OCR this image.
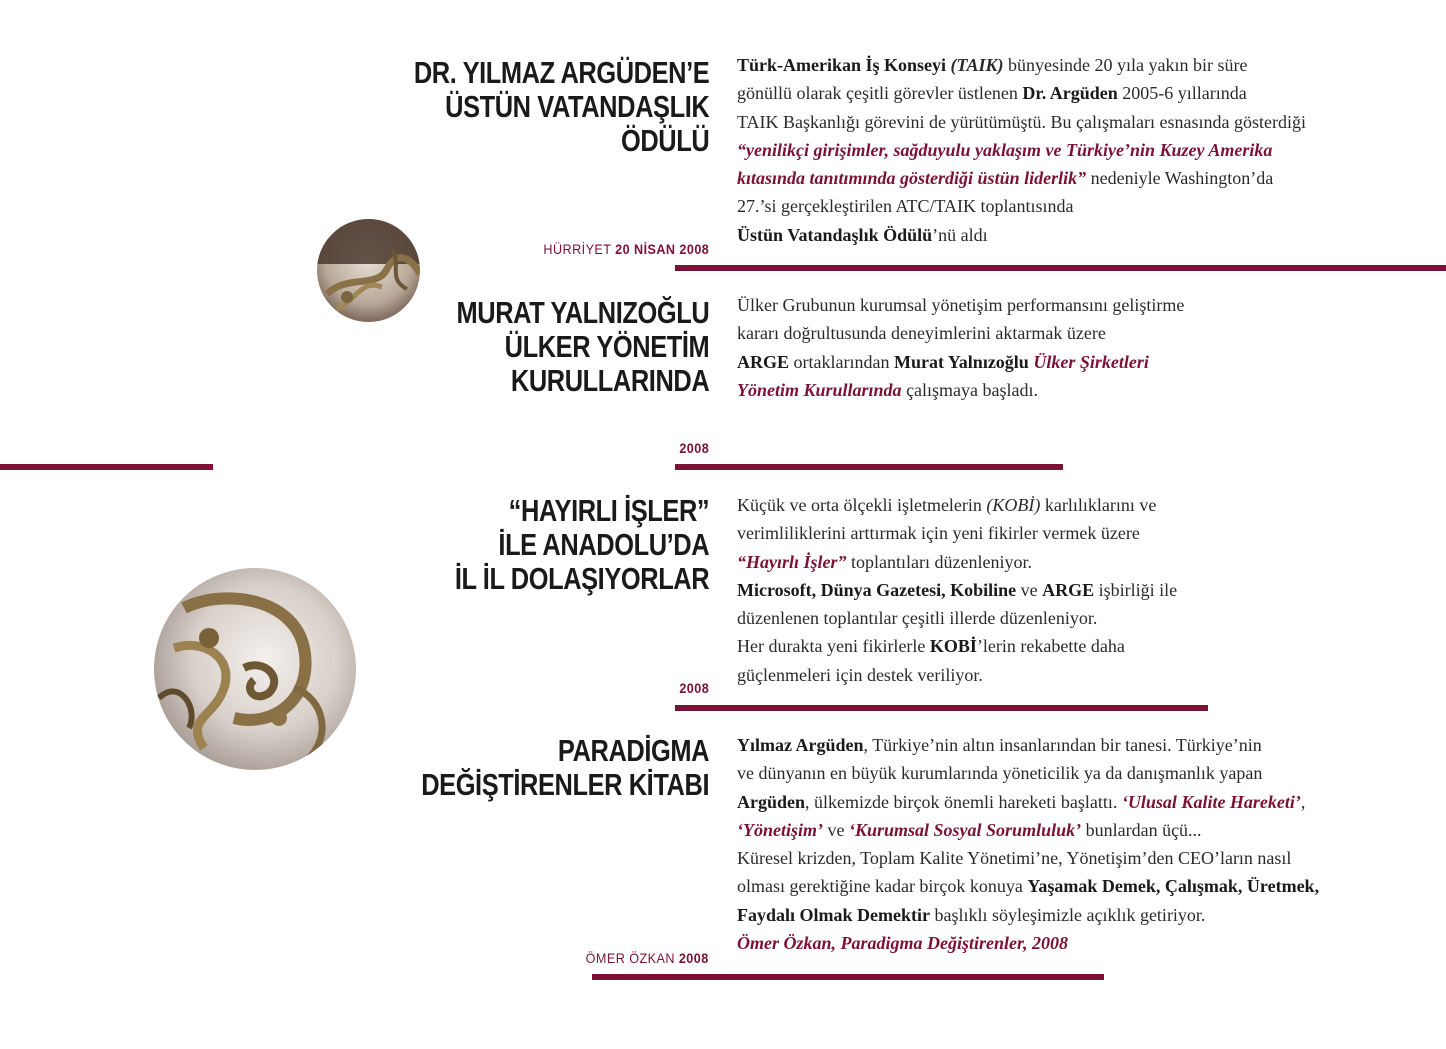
DR. YILMAZ ARGÜDEN’E
ÜSTÜN VATANDAŞLIK
ÖDÜLÜ

HÜRRİYET 20 NİSAN 2008

Türk-Amerikan İş Konseyi (TAIK) bünyesinde 20 yıla yakın bir süre
gönüllü olarak çeşitli görevler üstlenen Dr. Argüden 2005-6 yıllarında
TAIK Başkanlığı görevini de yürütümüştü. Bu çalışmaları esnasında gösterdiği
“yenilikçi girişimler, sağduyulu yaklaşım ve Türkiye’nin Kuzey Amerika
kıtasında tanıtımında gösterdiği üstün liderlik” nedeniyle Washington’da
27.’si gerçekleştirilen ATC/TAIK toplantısında
Üstün Vatandaşlık Ödülü’nü aldı
MURAT YALNIZOĞLU
ÜLKER YÖNETİM
KURULLARINDA

2008

Ülker Grubunun kurumsal yönetişim performansını geliştirme
kararı doğrultusunda deneyimlerini aktarmak üzere
ARGE ortaklarından Murat Yalnızoğlu Ülker Şirketleri
Yönetim Kurullarında çalışmaya başladı.
“HAYIRLI İŞLER”
İLE ANADOLU’DA
İL İL DOLAŞIYORLAR

2008

Küçük ve orta ölçekli işletmelerin (KOBİ) karlılıklarını ve
verimliliklerini arttırmak için yeni fikirler vermek üzere
“Hayırlı İşler” toplantıları düzenleniyor.
Microsoft, Dünya Gazetesi, Kobiline ve ARGE işbirliği ile
düzenlenen toplantılar çeşitli illerde düzenleniyor.
Her durakta yeni fikirlerle KOBİ’lerin rekabette daha
güçlenmeleri için destek veriliyor.
PARADİGMA
DEĞİŞTİRENLER KİTABI

ÖMER ÖZKAN 2008

Yılmaz Argüden, Türkiye’nin altın insanlarından bir tanesi. Türkiye’nin
ve dünyanın en büyük kurumlarında yöneticilik ya da danışmanlık yapan
Argüden, ülkemizde birçok önemli hareketi başlattı. ‘Ulusal Kalite Hareketi’,
‘Yönetişim’ ve ‘Kurumsal Sosyal Sorumluluk’ bunlardan üçü...
Küresel krizden, Toplam Kalite Yönetimi’ne, Yönetişim’den CEO’ların nasıl
olması gerektiğine kadar birçok konuya Yaşamak Demek, Çalışmak, Üretmek,
Faydalı Olmak Demektir başlıklı söyleşimizle açıklık getiriyor.
Ömer Özkan, Paradigma Değiştirenler, 2008
